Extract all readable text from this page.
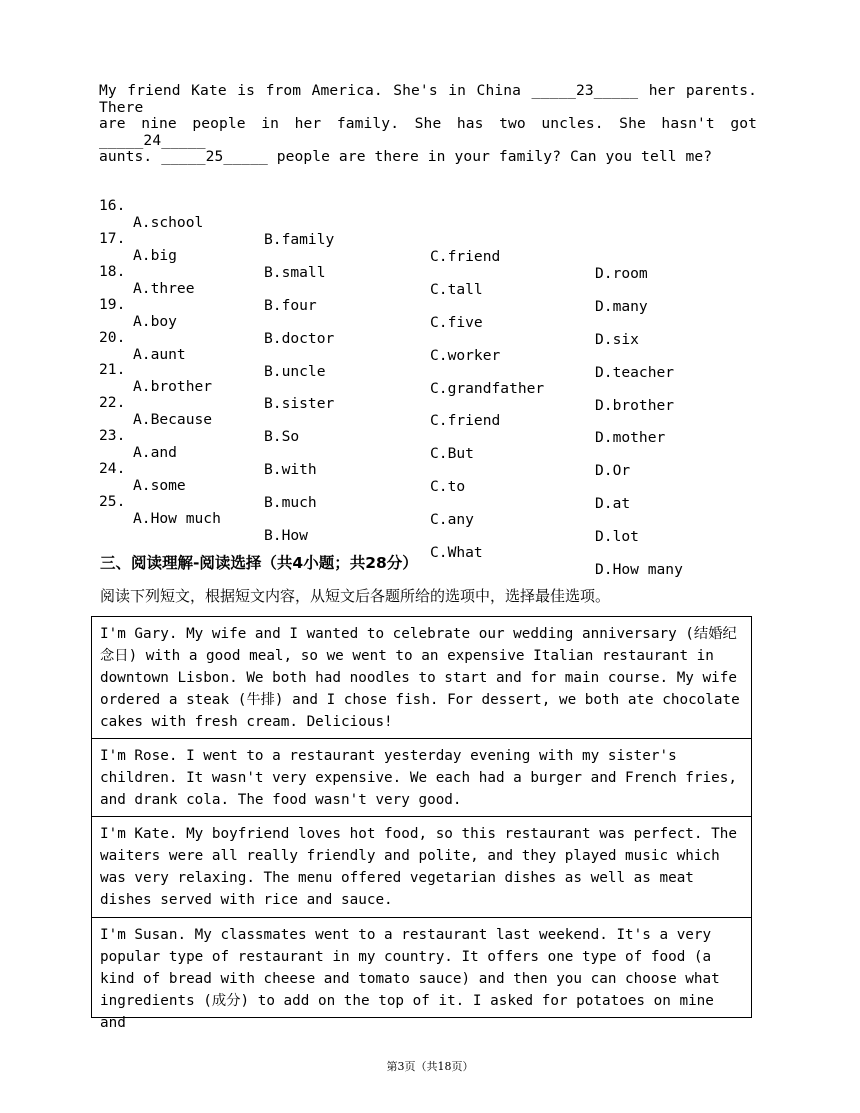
My friend Kate is from America. She's in China _____23_____ her parents. There
are nine people in her family. She has two uncles. She hasn't got _____24_____
aunts. _____25_____ people are there in your family? Can you tell me?

16.

A.school

B.family

C.friend

D.room

17.

A.big

B.small

C.tall

D.many

18.

A.three

B.four

C.five

D.six

19.

A.boy

B.doctor

C.worker

D.teacher

20.

A.aunt

B.uncle

C.grandfather

D.brother

21.

A.brother

B.sister

C.friend

D.mother

22.

A.Because

B.So

C.But

D.Or

23.

A.and

B.with

C.to

D.at

24.

A.some

B.much

C.any

D.lot

25.

A.How much

B.How

C.What

D.How many

三、阅读理解-阅读选择（共4小题；共28分）
阅读下列短文，根据短文内容，从短文后各题所给的选项中，选择最佳选项。
I'm Gary. My wife and I wanted to celebrate our wedding anniversary (结婚纪念日) with a good meal, so we went to an expensive Italian restaurant in downtown Lisbon. We both had noodles to start and for main course. My wife ordered a steak (牛排) and I chose fish. For dessert, we both ate chocolate cakes with fresh cream. Delicious!
I'm Rose. I went to a restaurant yesterday evening with my sister's children. It wasn't very expensive. We each had a burger and French fries, and drank cola. The food wasn't very good.
I'm Kate. My boyfriend loves hot food, so this restaurant was perfect. The waiters were all really friendly and polite, and they played music which was very relaxing. The menu offered vegetarian dishes as well as meat dishes served with rice and sauce.
I'm Susan. My classmates went to a restaurant last weekend. It's a very popular type of restaurant in my country. It offers one type of food (a kind of bread with cheese and tomato sauce) and then you can choose what ingredients (成分) to add on the top of it. I asked for potatoes on mine and
第3页（共18页）
